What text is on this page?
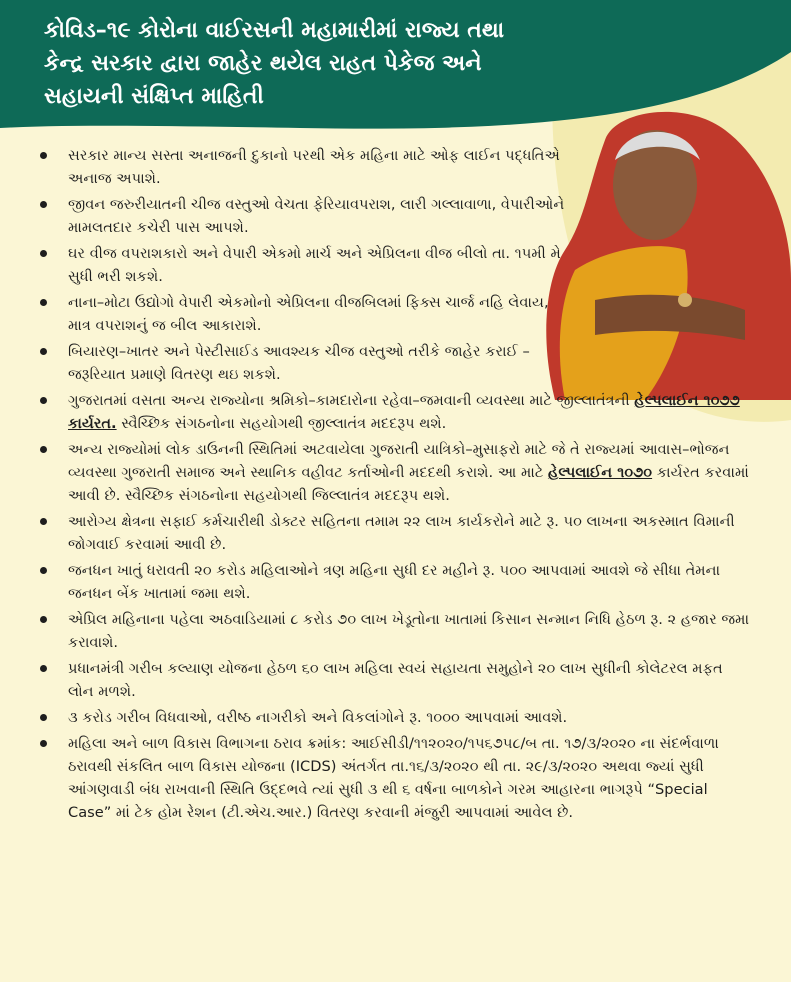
કોવિડ–૧૯ કોરોના વાઈરસની મહામારીમાં રાજ્ય તથા
કેન્દ્ર સરકાર દ્વારા જાહેર થયેલ રાહત પેકેજ અને
સહાયની સંક્ષિપ્ત માહિતી
સરકાર માન્ય સસ્તા અનાજની દુકાનો પરથી એક મહિના માટે ઓફ લાઈન પદ્ધતિએ અનાજ અપાશે.
જીવન જરુરીયાતની ચીજ વસ્તુઓ વેચતા ફેરિયાવપરાશ, લારી ગલ્લાવાળા, વેપારીઓને મામલતદાર કચેરી પાસ આપશે.
ઘર વીજ વપરાશકારો અને વેપારી એકમો માર્ચ અને એપ્રિલના વીજ બીલો તા. ૧૫મી મે સુધી ભરી શકશે.
નાના–મોટા ઉદ્યોગો વેપારી એકમોનો એપ્રિલના વીજબિલમાં ફિક્સ ચાર્જ નહિ લેવાય, માત્ર વપરાશનું જ બીલ આકારાશે.
બિયારણ–ખાતર અને પેસ્ટીસાઈડ આવશ્યક ચીજ વસ્તુઓ તરીકે જાહેર કરાઈ –જરૂરિયાત પ્રમાણે વિતરણ થઇ શકશે.
ગુજરાતમાં વસતા અન્ય રાજ્યોના શ્રમિકો–કામદારોના રહેવા–જમવાની વ્યવસ્થા માટે જીલ્લાતંત્રની હેલ્પલાઈન ૧૦૭૭ કાર્યરત. સ્વૈચ્છિક સંગઠનોના સહયોગથી જીલ્લાતંત્ર મદદરૂપ થશે.
અન્ય રાજ્યોમાં લોક ડાઉનની સ્થિતિમાં અટવાયેલા ગુજરાતી યાત્રિકો–મુસાફરો માટે જે તે રાજ્યમાં આવાસ–ભોજન વ્યવસ્થા ગુજરાતી સમાજ અને સ્થાનિક વહીવટ કર્તાઓની મદદથી કરાશે. આ માટે હેલ્પલાઈન ૧૦૭૦ કાર્યરત કરવામાં આવી છે. સ્વૈચ્છિક સંગઠનોના સહયોગથી જિલ્લાતંત્ર મદદરૂપ થશે.
આરોગ્ય ક્ષેત્રના સફાઈ કર્મચારીથી ડોક્ટર સહિતના તમામ ૨૨ લાખ કાર્યકરોને માટે રૂ. ૫૦ લાખના અકસ્માત વિમાની જોગવાઈ કરવામાં આવી છે.
જનધન ખાતું ધરાવતી ૨૦ કરોડ મહિલાઓને ત્રણ મહિના સુધી દર મહીને રૂ. ૫૦૦ આપવામાં આવશે જે સીધા તેમના જનધન બેંક ખાતામાં જમા થશે.
એપ્રિલ મહિનાના પહેલા અઠવાડિયામાં ૮ કરોડ ૭૦ લાખ ખેડૂતોના ખાતામાં કિસાન સન્માન નિધિ હેઠળ રૂ. ૨ હજાર જમા કરાવાશે.
પ્રધાનમંત્રી ગરીબ કલ્યાણ યોજના હેઠળ ૬૦ લાખ મહિલા સ્વયં સહાયતા સમુહોને ૨૦ લાખ સુધીની કોલેટરલ મફત લોન મળશે.
૩ કરોડ ગરીબ વિધવાઓ, વરીષ્ઠ નાગરીકો અને વિકલાંગોને રૂ. ૧૦૦૦ આપવામાં આવશે.
મહિલા અને બાળ વિકાસ વિભાગના ઠરાવ ક્રમાંક: આઈસીડી/૧૧૨૦૨૦/૧૫૬૭૫૮/બ તા. ૧૭/૩/૨૦૨૦ ના સંદર્ભવાળા ઠરાવથી સંકલિત બાળ વિકાસ યોજના (ICDS) અંતર્ગત તા.૧૬/૩/૨૦૨૦ થી તા. ૨૯/૩/૨૦૨૦ અથવા જ્યાં સુધી આંગણવાડી બંધ રાખવાની સ્થિતિ ઉદ્દભવે ત્યાં સુધી ૩ થી ૬ વર્ષના બાળકોને ગરમ આહારના ભાગરૂપે “Special Case” માં ટેક હોમ રેશન (ટી.એચ.આર.) વિતરણ કરવાની મંજુરી આપવામાં આવેલ છે.
